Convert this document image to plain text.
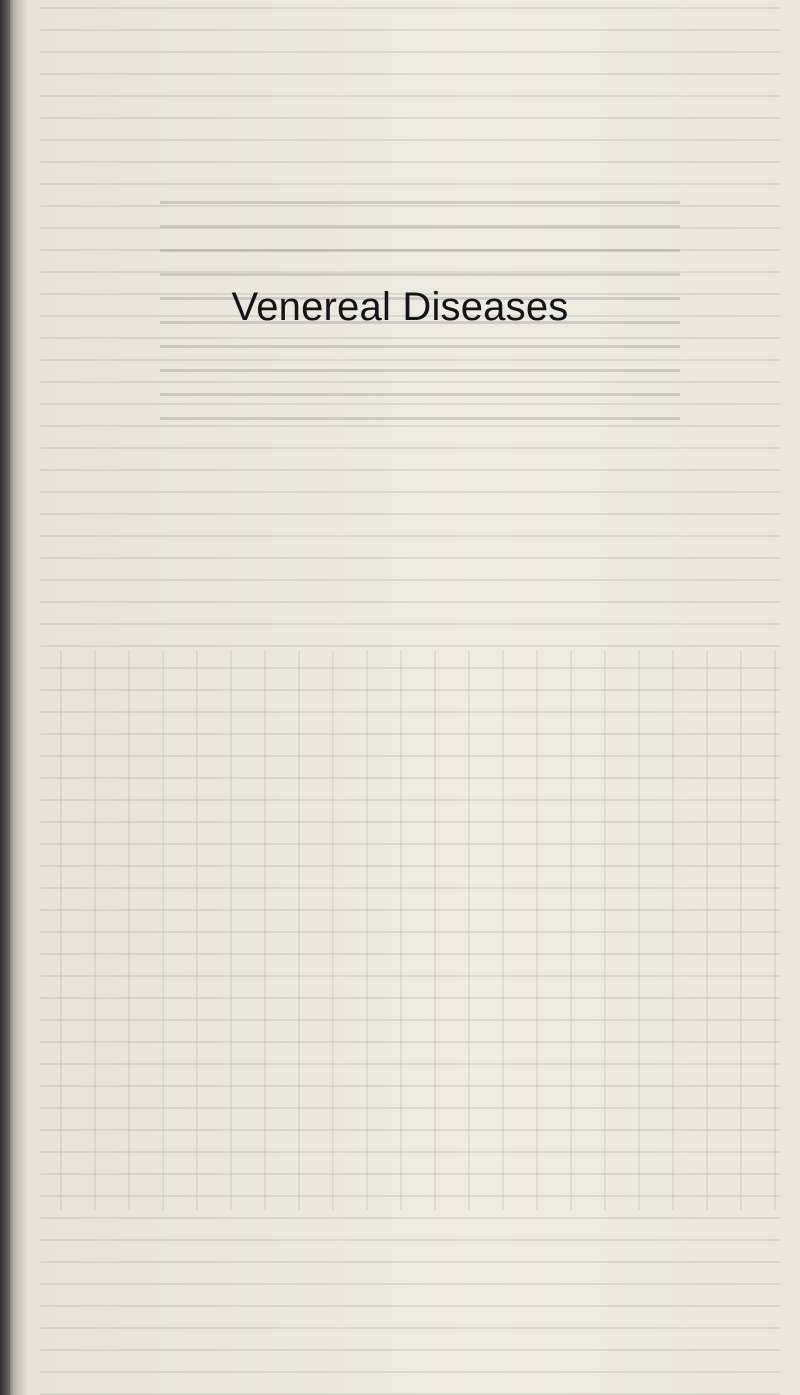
Venereal Diseases
